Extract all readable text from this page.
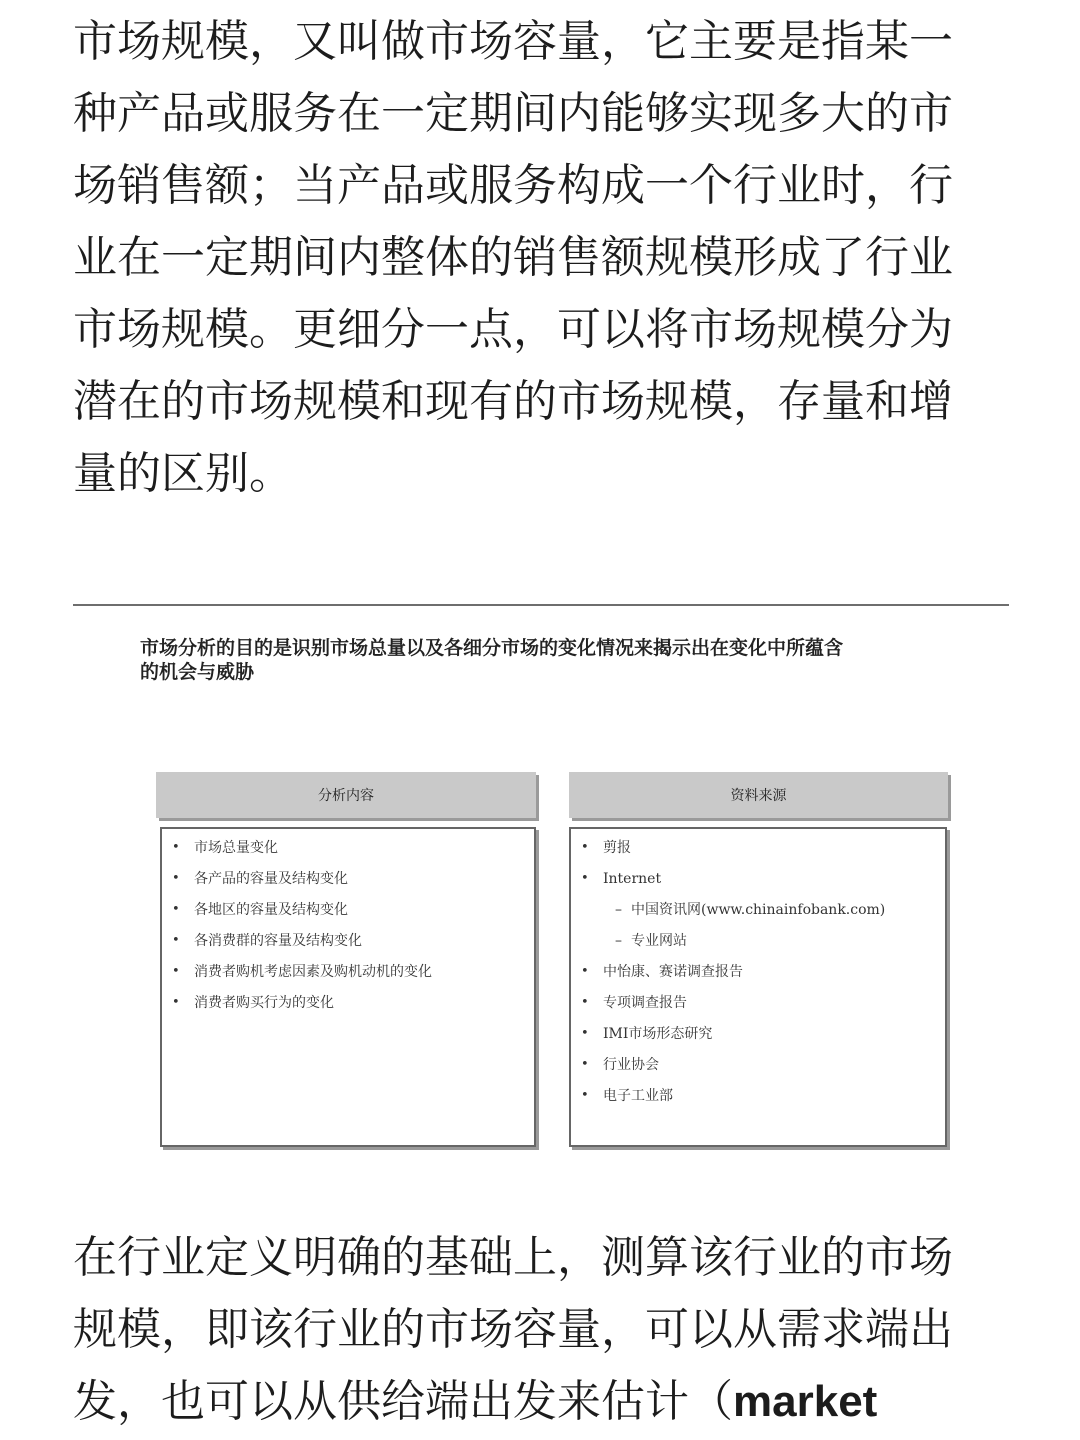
市场规模，又叫做市场容量，它主要是指某一
种产品或服务在一定期间内能够实现多大的市
场销售额；当产品或服务构成一个行业时，行
业在一定期间内整体的销售额规模形成了行业
市场规模。更细分一点，可以将市场规模分为
潜在的市场规模和现有的市场规模，存量和增
量的区别。
市场分析的目的是识别市场总量以及各细分市场的变化情况来揭示出在变化中所蕴含
的机会与威胁
分析内容	资料来源
• 市场总量变化
• 各产品的容量及结构变化
• 各地区的容量及结构变化
• 各消费群的容量及结构变化
• 消费者购机考虑因素及购机动机的变化
• 消费者购买行为的变化
• 剪报
• Internet
– 中国资讯网(www.chinainfobank.com)
– 专业网站
• 中怡康、赛诺调查报告
• 专项调查报告
• IMI市场形态研究
• 行业协会
• 电子工业部
在行业定义明确的基础上，测算该行业的市场
规模，即该行业的市场容量，可以从需求端出
发，也可以从供给端出发来估计（market
